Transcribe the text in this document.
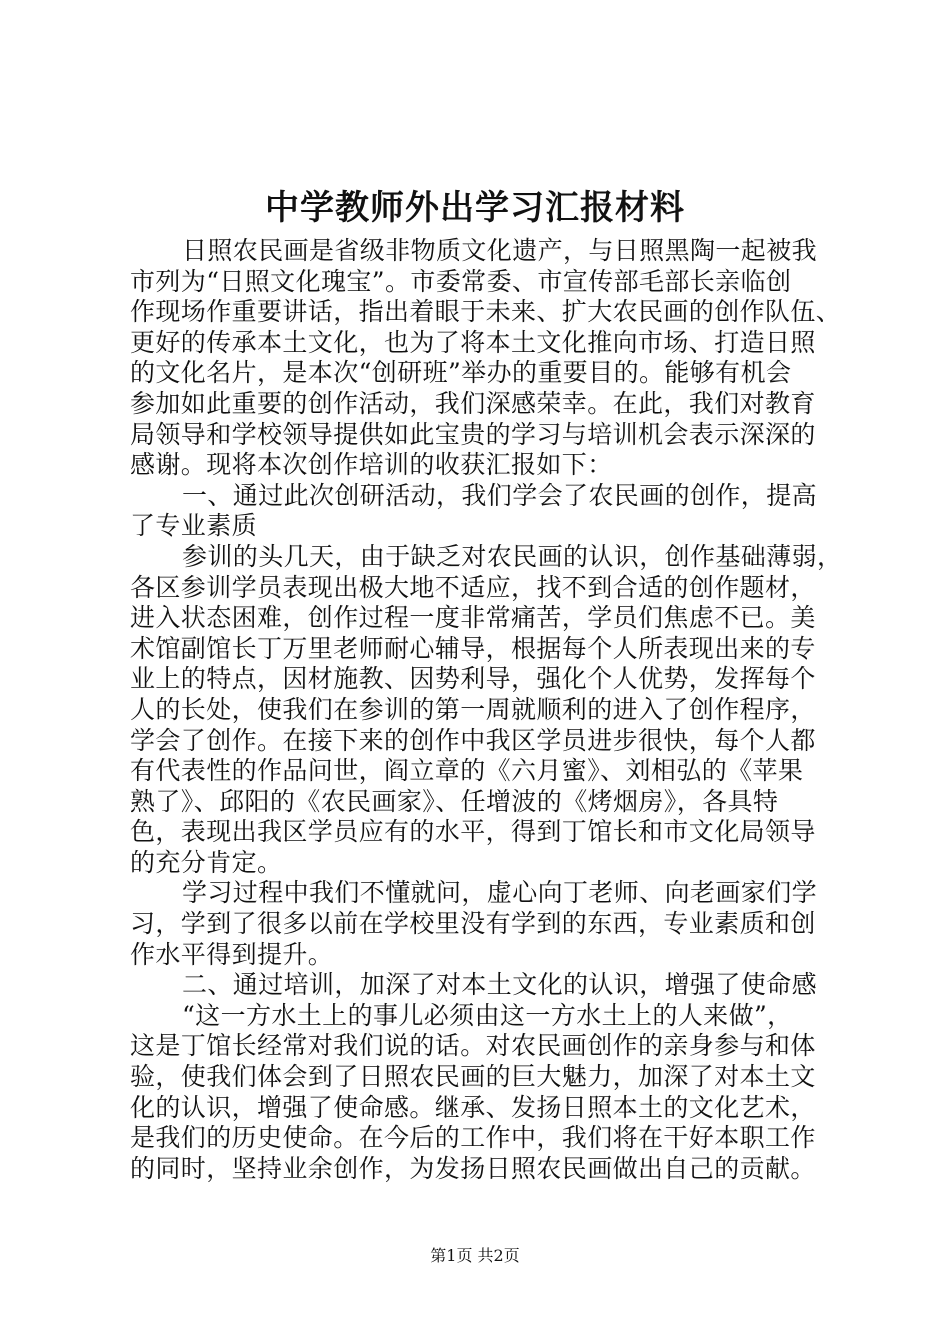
中学教师外出学习汇报材料
日照农民画是省级非物质文化遗产，与日照黑陶一起被我
市列为“日照文化瑰宝”。市委常委、市宣传部毛部长亲临创
作现场作重要讲话，指出着眼于未来、扩大农民画的创作队伍、
更好的传承本土文化，也为了将本土文化推向市场、打造日照
的文化名片，是本次“创研班”举办的重要目的。能够有机会
参加如此重要的创作活动，我们深感荣幸。在此，我们对教育
局领导和学校领导提供如此宝贵的学习与培训机会表示深深的
感谢。现将本次创作培训的收获汇报如下：
一、通过此次创研活动，我们学会了农民画的创作，提高
了专业素质
参训的头几天，由于缺乏对农民画的认识，创作基础薄弱，
各区参训学员表现出极大地不适应，找不到合适的创作题材，
进入状态困难，创作过程一度非常痛苦，学员们焦虑不已。美
术馆副馆长丁万里老师耐心辅导，根据每个人所表现出来的专
业上的特点，因材施教、因势利导，强化个人优势，发挥每个
人的长处，使我们在参训的第一周就顺利的进入了创作程序，
学会了创作。在接下来的创作中我区学员进步很快，每个人都
有代表性的作品问世，阎立章的《六月蜜》、刘相弘的《苹果
熟了》、邱阳的《农民画家》、任增波的《烤烟房》，各具特
色，表现出我区学员应有的水平，得到丁馆长和市文化局领导
的充分肯定。
学习过程中我们不懂就问，虚心向丁老师、向老画家们学
习，学到了很多以前在学校里没有学到的东西，专业素质和创
作水平得到提升。
二、通过培训，加深了对本土文化的认识，增强了使命感
“这一方水土上的事儿必须由这一方水土上的人来做”，
这是丁馆长经常对我们说的话。对农民画创作的亲身参与和体
验，使我们体会到了日照农民画的巨大魅力，加深了对本土文
化的认识，增强了使命感。继承、发扬日照本土的文化艺术，
是我们的历史使命。在今后的工作中，我们将在干好本职工作
的同时，坚持业余创作，为发扬日照农民画做出自己的贡献。
第1页 共2页
